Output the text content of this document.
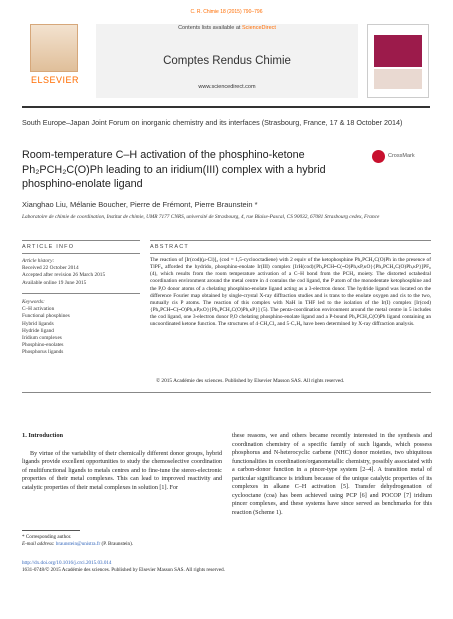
C. R. Chimie 18 (2015) 790–796
ELSEVIER
Contents lists available at ScienceDirect
Comptes Rendus Chimie
www.sciencedirect.com
South Europe–Japan Joint Forum on inorganic chemistry and its interfaces (Strasbourg, France, 17 & 18 October 2014)
Room-temperature C–H activation of the phosphino-ketone Ph₂PCH₂C(O)Ph leading to an iridium(III) complex with a hybrid phosphino-enolate ligand
CrossMark
Xianghao Liu, Mélanie Boucher, Pierre de Frémont, Pierre Braunstein *
Laboratoire de chimie de coordination, Institut de chimie, UMR 7177 CNRS, université de Strasbourg, 4, rue Blaise-Pascal, CS 90032, 67081 Strasbourg cedex, France
ARTICLE INFO	ABSTRACT
Article history:
Received 22 October 2014
Accepted after revision 26 March 2015
Available online 19 June 2015
Keywords:
C–H activation
Functional phosphines
Hybrid ligands
Hydride ligand
Iridium complexes
Phosphino-enolates
Phosphorus ligands
The reaction of [Ir(cod)(μ-Cl)]₂ (cod = 1,5-cyclooctadiene) with 2 equiv of the ketophosphine Ph₂PCH₂C(O)Ph in the presence of TlPF₆ afforded the hydrido, phosphino-enolate Ir(III) complex [IrH(cod){Ph₂PCH⎯C(⎯O)Ph,κP,κO}{Ph₂PCH₂C(O)Ph,κP}]PF₆ (4), which results from the room temperature activation of a C–H bond from the PCH₂ moiety. The distorted octahedral coordination environment around the metal centre in 4 contains the cod ligand, the P atom of the monodentate ketophosphine and the P,O donor atoms of a chelating phosphino-enolate ligand acting as a 3-electron donor. The hydride ligand was located on the difference Fourier map obtained by single-crystal X-ray diffraction studies and is trans to the enolate oxygen and cis to the two, mutually cis P atoms. The reaction of this complex with NaH in THF led to the isolation of the Ir(I) complex [Ir(cod){Ph₂PCH⎯C(⎯O)Ph,κP,κO}{Ph₂PCH₂C(O)Ph,κP}] (5). The penta-coordination environment around the metal centre in 5 includes the cod ligand, one 3-electron donor P,O chelating phosphino-enolate ligand and a P-bound Ph₂PCH₂C(O)Ph ligand containing an uncoordinated ketone function. The structures of 4·CH₂Cl₂ and 5·C₇H₈ have been determined by X-ray diffraction analysis.
© 2015 Académie des sciences. Published by Elsevier Masson SAS. All rights reserved.
1. Introduction

By virtue of the variability of their chemically different donor groups, hybrid ligands provide excellent opportunities to study the chemoselective coordination of multifunctional ligands to metals centres and to fine-tune the stereo-electronic properties of their metal complexes. This can lead to improved reactivity and catalytic properties of their metal complexes in solution [1]. For

these reasons, we and others became recently interested in the synthesis and coordination chemistry of a specific family of such ligands, which possess phosphorus and N-heterocyclic carbene (NHC) donor moieties, two ubiquitous functionalities in coordination/organometallic chemistry, possibly associated with a carbon-donor function in a pincer-type system [2–4]. A transition metal of particular significance is iridium because of the unique catalytic properties of its complexes in alkane C–H activation [5]. Transfer dehydrogenation of cyclooctane (coa) has been achieved using PCP [6] and POCOP [7] iridium pincer complexes, and these systems have since served as benchmarks for this reaction (Scheme 1).

* Corresponding author.
E-mail address: braunstein@unistra.fr (P. Braunstein).
http://dx.doi.org/10.1016/j.crci.2015.03.014
1631-0748/© 2015 Académie des sciences. Published by Elsevier Masson SAS. All rights reserved.
